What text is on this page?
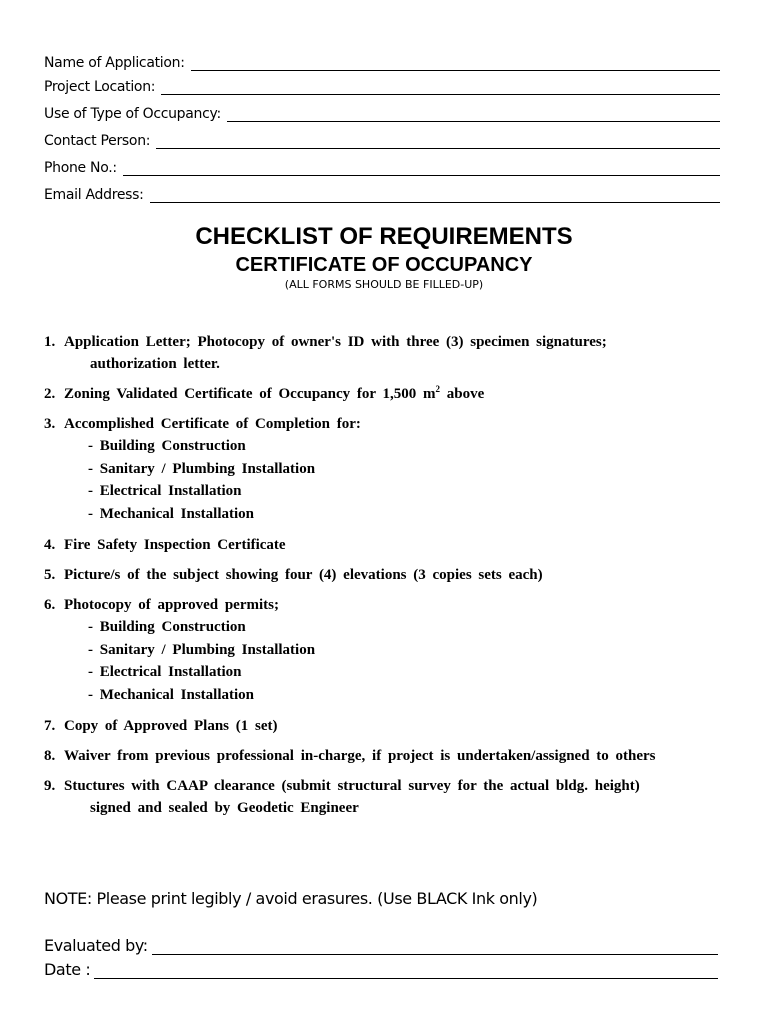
Name of Application:
Project Location:
Use of Type of Occupancy:
Contact Person:
Phone No.:
Email Address:
CHECKLIST OF REQUIREMENTS
CERTIFICATE OF OCCUPANCY
(ALL FORMS SHOULD BE FILLED-UP)
1. Application Letter; Photocopy of owner's ID with three (3) specimen signatures;
authorization letter.
2. Zoning Validated Certificate of Occupancy for 1,500 $m^2$ above
3. Accomplished Certificate of Completion for:
- Building Construction
- Sanitary / Plumbing Installation
- Electrical Installation
- Mechanical Installation
4. Fire Safety Inspection Certificate
5. Picture/s of the subject showing four (4) elevations (3 copies sets each)
6. Photocopy of approved permits;
- Building Construction
- Sanitary / Plumbing Installation
- Electrical Installation
- Mechanical Installation
7. Copy of Approved Plans (1 set)
8. Waiver from previous professional in-charge, if project is undertaken/assigned to others
9. Stuctures with CAAP clearance (submit structural survey for the actual bldg. height)
signed and sealed by Geodetic Engineer
NOTE: Please print legibly / avoid erasures. (Use BLACK Ink only)
Evaluated by:
Date :
